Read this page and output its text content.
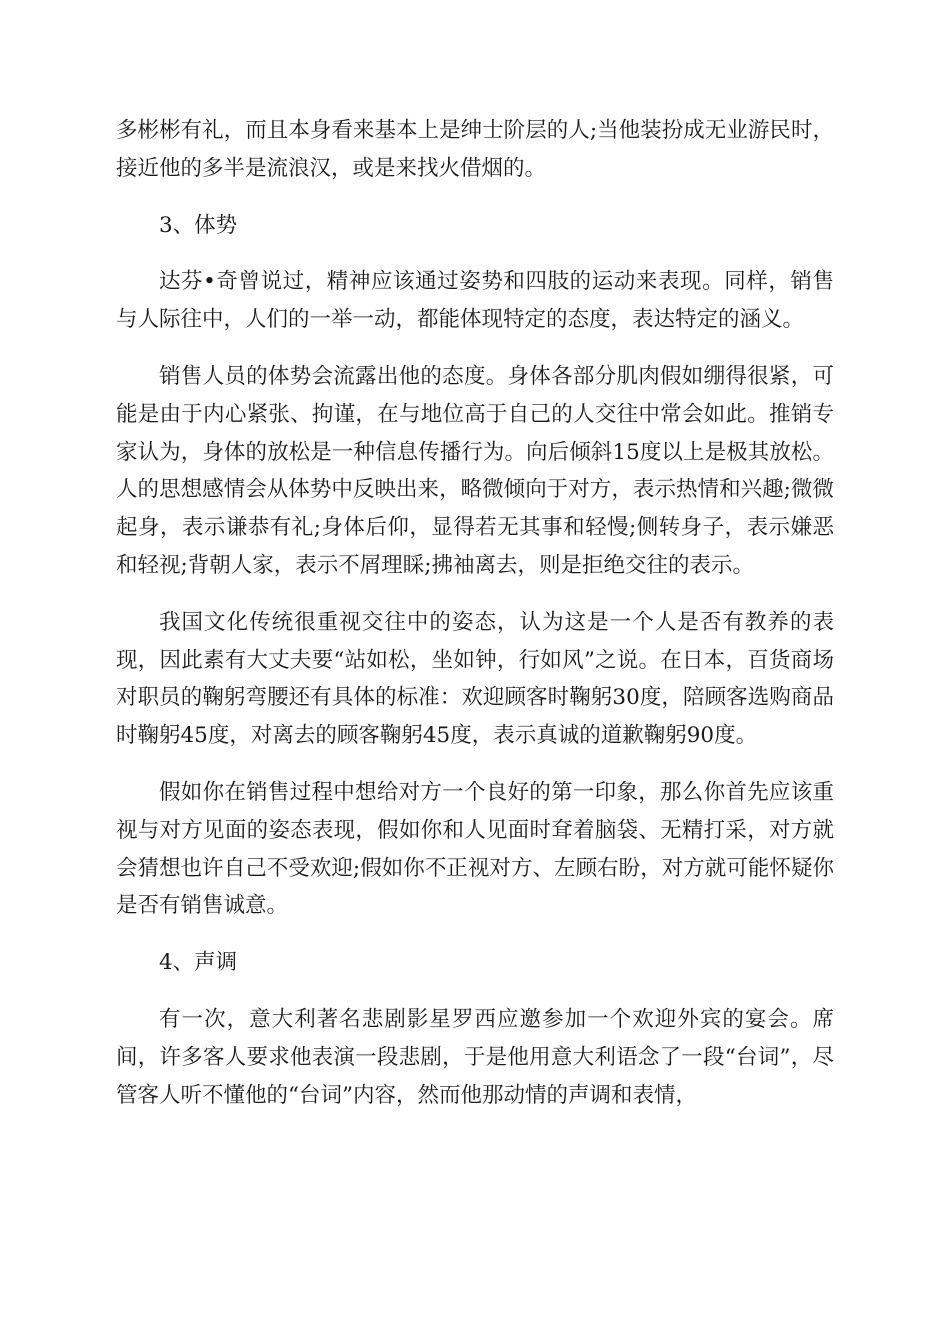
多彬彬有礼，而且本身看来基本上是绅士阶层的人;当他装扮成无业游民时，接近他的多半是流浪汉，或是来找火借烟的。

3、体势

达芬•奇曾说过，精神应该通过姿势和四肢的运动来表现。同样，销售与人际往中，人们的一举一动，都能体现特定的态度，表达特定的涵义。

销售人员的体势会流露出他的态度。身体各部分肌肉假如绷得很紧，可能是由于内心紧张、拘谨，在与地位高于自己的人交往中常会如此。推销专家认为，身体的放松是一种信息传播行为。向后倾斜15度以上是极其放松。人的思想感情会从体势中反映出来，略微倾向于对方，表示热情和兴趣;微微起身，表示谦恭有礼;身体后仰，显得若无其事和轻慢;侧转身子，表示嫌恶和轻视;背朝人家，表示不屑理睬;拂袖离去，则是拒绝交往的表示。

我国文化传统很重视交往中的姿态，认为这是一个人是否有教养的表现，因此素有大丈夫要“站如松，坐如钟，行如风”之说。在日本，百货商场对职员的鞠躬弯腰还有具体的标准：欢迎顾客时鞠躬30度，陪顾客选购商品时鞠躬45度，对离去的顾客鞠躬45度，表示真诚的道歉鞠躬90度。

假如你在销售过程中想给对方一个良好的第一印象，那么你首先应该重视与对方见面的姿态表现，假如你和人见面时耷着脑袋、无精打采，对方就会猜想也许自己不受欢迎;假如你不正视对方、左顾右盼，对方就可能怀疑你是否有销售诚意。

4、声调

有一次，意大利著名悲剧影星罗西应邀参加一个欢迎外宾的宴会。席间，许多客人要求他表演一段悲剧，于是他用意大利语念了一段“台词”，尽管客人听不懂他的“台词”内容，然而他那动情的声调和表情，
